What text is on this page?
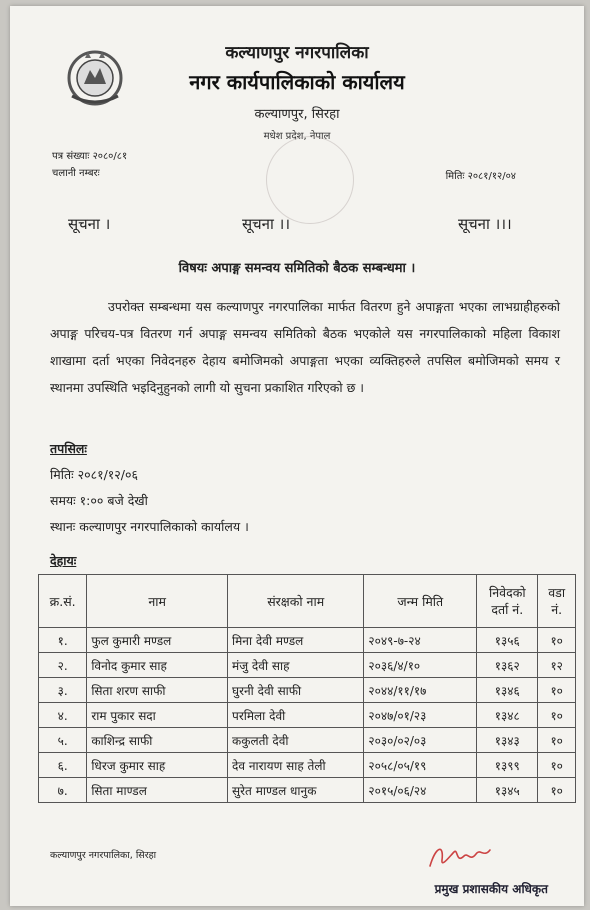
कल्याणपुर नगरपालिका
नगर कार्यपालिकाको कार्यालय
कल्याणपुर, सिरहा
मधेश प्रदेश, नेपाल
पत्र संख्याः २०८०/८१
चलानी नम्बरः	मितिः २०८१/१२/०४
सूचना ।	सूचना ।।	सूचना ।।।
विषयः अपाङ्ग समन्वय समितिको बैठक सम्बन्धमा ।
उपरोक्त सम्बन्धमा यस कल्याणपुर नगरपालिका मार्फत वितरण हुने अपाङ्गता भएका लाभग्राहीहरुको अपाङ्ग परिचय-पत्र वितरण गर्न अपाङ्ग समन्वय समितिको बैठक भएकोले यस नगरपालिकाको महिला विकाश शाखामा दर्ता भएका निवेदनहरु देहाय बमोजिमको अपाङ्गता भएका व्यक्तिहरुले तपसिल बमोजिमको समय र स्थानमा उपस्थिति भइदिनुहुनको लागी यो सुचना प्रकाशित गरिएको छ ।
तपसिलः
मितिः २०८१/१२/०६
समयः १:०० बजे देखी
स्थानः कल्याणपुर नगरपालिकाको कार्यालय ।
देहायः
क्र.सं.	नाम	संरक्षको नाम	जन्म मिति	निवेदको दर्ता नं.	वडा नं.
१.	फुल कुमारी मण्डल	मिना देवी मण्डल	२०४९-७-२४	१३५६	१०
२.	विनोद कुमार साह	मंजु देवी साह	२०३६/४/१०	१३६२	१२
३.	सिता शरण साफी	घुरनी देवी साफी	२०४४/११/१७	१३४६	१०
४.	राम पुकार सदा	परमिला देवी	२०४७/०१/२३	१३४८	१०
५.	काशिन्द्र साफी	ककुलती देवी	२०३०/०२/०३	१३४३	१०
६.	धिरज कुमार साह	देव नारायण साह तेली	२०५८/०५/१९	१३९९	१०
७.	सिता माण्डल	सुरेत माण्डल धानुक	२०१५/०६/२४	१३४५	१०
कल्याणपुर नगरपालिका, सिरहा
प्रमुख प्रशासकीय अधिकृत
